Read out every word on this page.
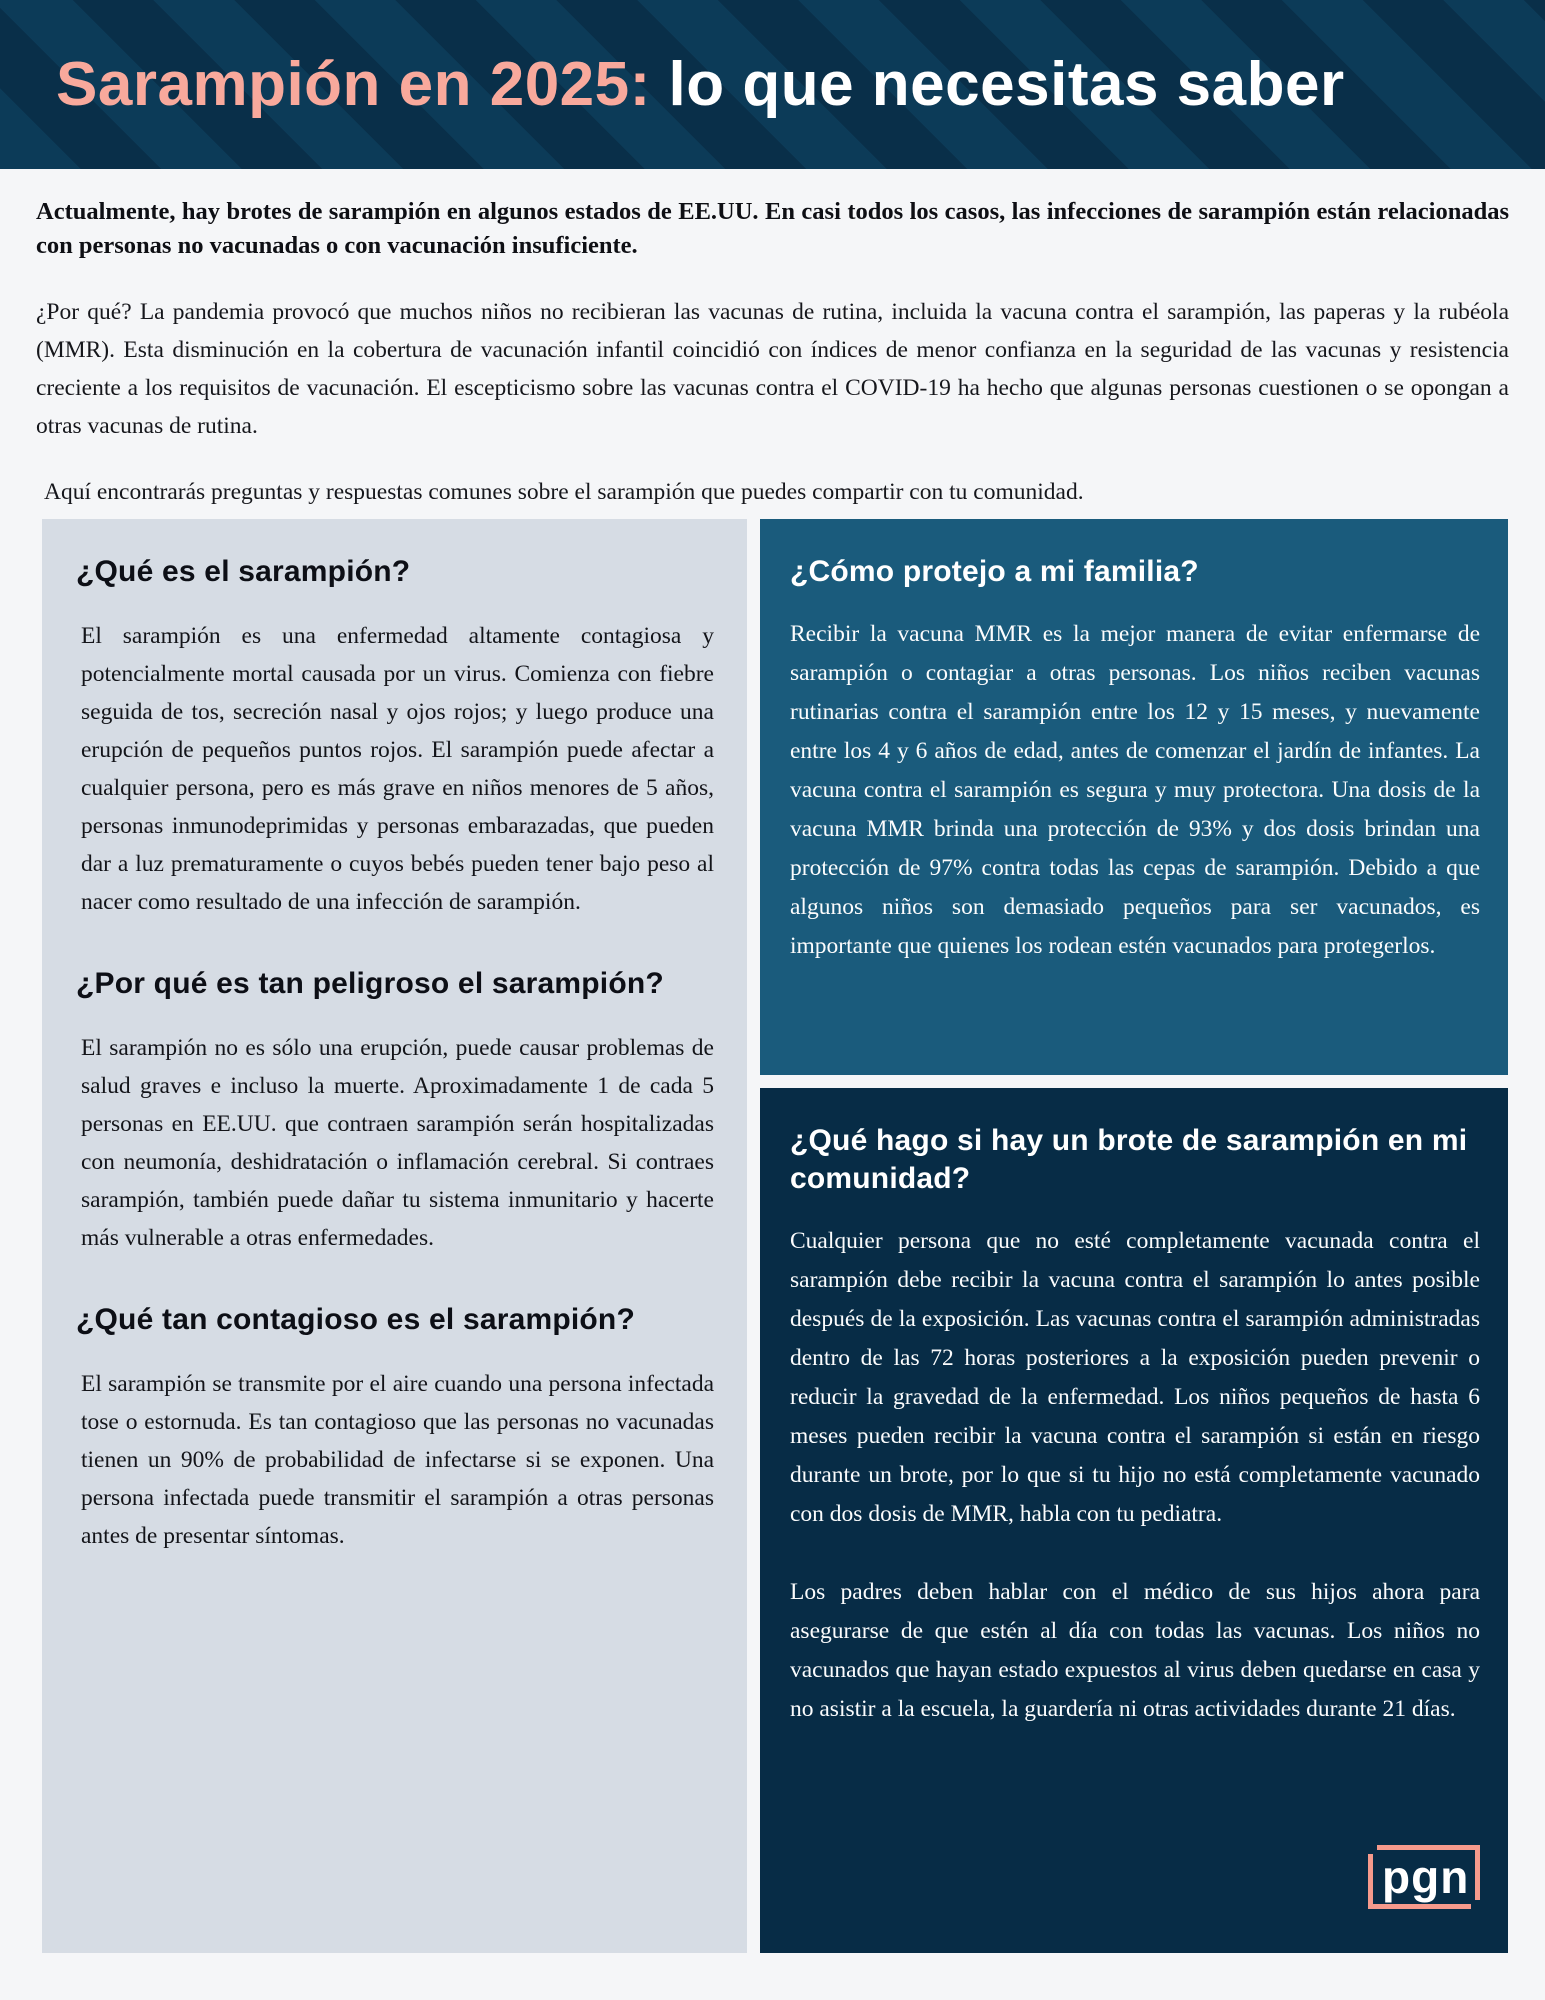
Sarampión en 2025: lo que necesitas saber

Actualmente, hay brotes de sarampión en algunos estados de EE.UU. En casi todos los casos, las infecciones de sarampión están relacionadas con personas no vacunadas o con vacunación insuficiente.

¿Por qué? La pandemia provocó que muchos niños no recibieran las vacunas de rutina, incluida la vacuna contra el sarampión, las paperas y la rubéola (MMR). Esta disminución en la cobertura de vacunación infantil coincidió con índices de menor confianza en la seguridad de las vacunas y resistencia creciente a los requisitos de vacunación. El escepticismo sobre las vacunas contra el COVID-19 ha hecho que algunas personas cuestionen o se opongan a otras vacunas de rutina.

Aquí encontrarás preguntas y respuestas comunes sobre el sarampión que puedes compartir con tu comunidad.

¿Qué es el sarampión?

El sarampión es una enfermedad altamente contagiosa y potencialmente mortal causada por un virus. Comienza con fiebre seguida de tos, secreción nasal y ojos rojos; y luego produce una erupción de pequeños puntos rojos. El sarampión puede afectar a cualquier persona, pero es más grave en niños menores de 5 años, personas inmunodeprimidas y personas embarazadas, que pueden dar a luz prematuramente o cuyos bebés pueden tener bajo peso al nacer como resultado de una infección de sarampión.

¿Por qué es tan peligroso el sarampión?

El sarampión no es sólo una erupción, puede causar problemas de salud graves e incluso la muerte. Aproximadamente 1 de cada 5 personas en EE.UU. que contraen sarampión serán hospitalizadas con neumonía, deshidratación o inflamación cerebral. Si contraes sarampión, también puede dañar tu sistema inmunitario y hacerte más vulnerable a otras enfermedades.

¿Qué tan contagioso es el sarampión?

El sarampión se transmite por el aire cuando una persona infectada tose o estornuda. Es tan contagioso que las personas no vacunadas tienen un 90% de probabilidad de infectarse si se exponen. Una persona infectada puede transmitir el sarampión a otras personas antes de presentar síntomas.

¿Cómo protejo a mi familia?

Recibir la vacuna MMR es la mejor manera de evitar enfermarse de sarampión o contagiar a otras personas. Los niños reciben vacunas rutinarias contra el sarampión entre los 12 y 15 meses, y nuevamente entre los 4 y 6 años de edad, antes de comenzar el jardín de infantes. La vacuna contra el sarampión es segura y muy protectora. Una dosis de la vacuna MMR brinda una protección de 93% y dos dosis brindan una protección de 97% contra todas las cepas de sarampión. Debido a que algunos niños son demasiado pequeños para ser vacunados, es importante que quienes los rodean estén vacunados para protegerlos.

¿Qué hago si hay un brote de sarampión en mi comunidad?

Cualquier persona que no esté completamente vacunada contra el sarampión debe recibir la vacuna contra el sarampión lo antes posible después de la exposición. Las vacunas contra el sarampión administradas dentro de las 72 horas posteriores a la exposición pueden prevenir o reducir la gravedad de la enfermedad. Los niños pequeños de hasta 6 meses pueden recibir la vacuna contra el sarampión si están en riesgo durante un brote, por lo que si tu hijo no está completamente vacunado con dos dosis de MMR, habla con tu pediatra.

Los padres deben hablar con el médico de sus hijos ahora para asegurarse de que estén al día con todas las vacunas. Los niños no vacunados que hayan estado expuestos al virus deben quedarse en casa y no asistir a la escuela, la guardería ni otras actividades durante 21 días.

pgn
